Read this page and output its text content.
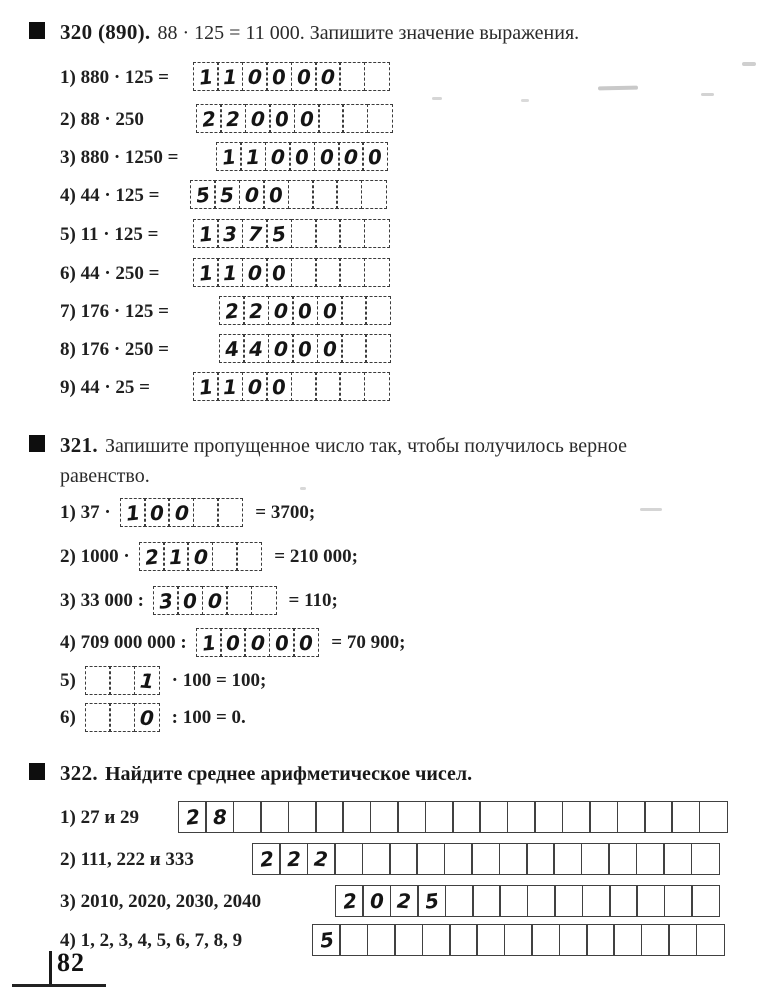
320 (890). 88 · 125 = 11 000. Запишите значение выражения.
1) 880 · 125 = 1 1 0 0 0 0
2) 88 · 250	2 2 0 0 0
3) 880 · 1250 = 1 1 0 0 0 0 0
4) 44 · 125 = 5 5 0 0
5) 11 · 125 = 1 3 7 5
6) 44 · 250 = 1 1 0 0
7) 176 · 125 =	2 2 0 0 0
8) 176 · 250 =	4 4 0 0 0
9) 44 · 25 = 1 1 0 0
321. Запишите пропущенное число так, чтобы получилось верное равенство.
1) 37 · 1 0 0	= 3700;
2) 1000 · 2 1 0	= 210 000;
3) 33 000 : 3 0 0	= 110;
4) 709 000 000 : 1 0 0 0 0 = 70 900;
5)	1 · 100 = 100;
6)	0 : 100 = 0.
322. Найдите среднее арифметическое чисел.
1) 27 и 29 2 8
2) 111, 222 и 333	2 2 2
3) 2010, 2020, 2030, 2040	2 0 2 5
4) 1, 2, 3, 4, 5, 6, 7, 8, 9	5
82
